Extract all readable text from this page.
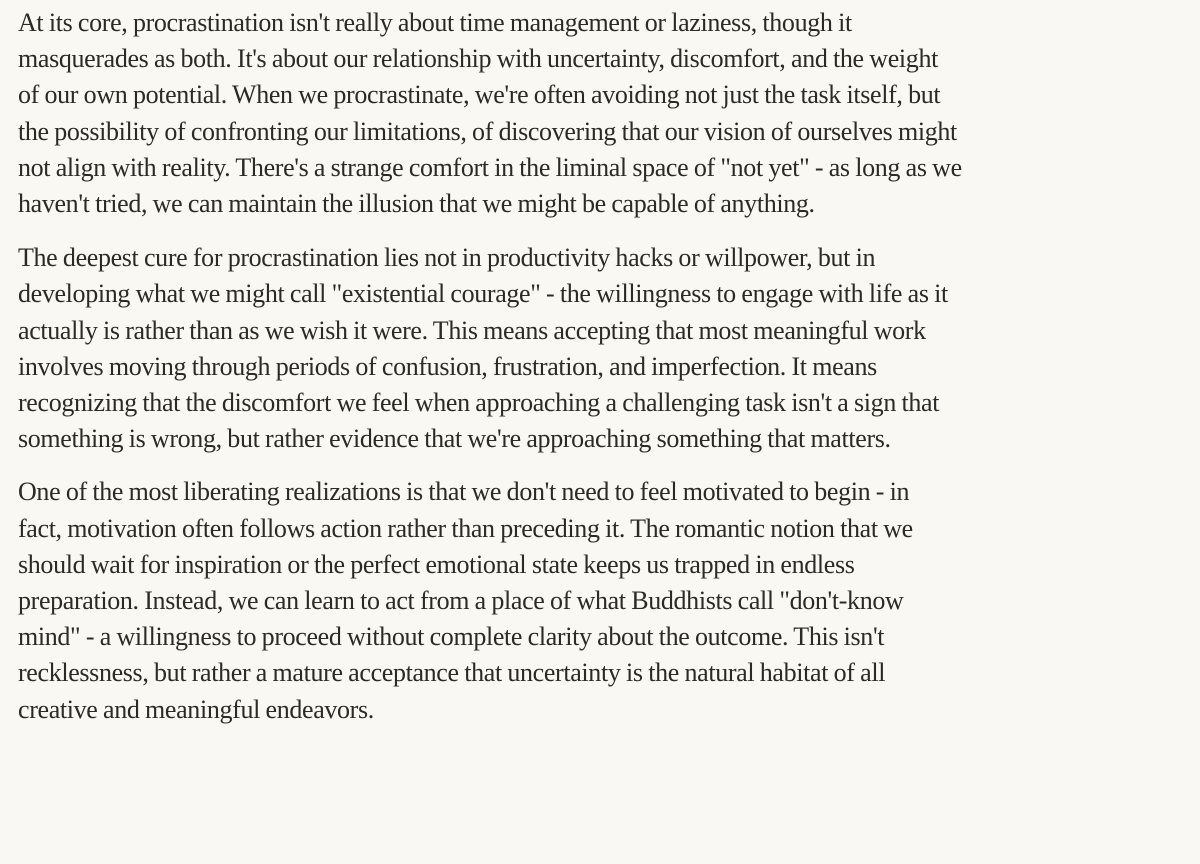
At its core, procrastination isn't really about time management or laziness, though it
masquerades as both. It's about our relationship with uncertainty, discomfort, and the weight
of our own potential. When we procrastinate, we're often avoiding not just the task itself, but
the possibility of confronting our limitations, of discovering that our vision of ourselves might
not align with reality. There's a strange comfort in the liminal space of "not yet" - as long as we
haven't tried, we can maintain the illusion that we might be capable of anything.

The deepest cure for procrastination lies not in productivity hacks or willpower, but in
developing what we might call "existential courage" - the willingness to engage with life as it
actually is rather than as we wish it were. This means accepting that most meaningful work
involves moving through periods of confusion, frustration, and imperfection. It means
recognizing that the discomfort we feel when approaching a challenging task isn't a sign that
something is wrong, but rather evidence that we're approaching something that matters.

One of the most liberating realizations is that we don't need to feel motivated to begin - in
fact, motivation often follows action rather than preceding it. The romantic notion that we
should wait for inspiration or the perfect emotional state keeps us trapped in endless
preparation. Instead, we can learn to act from a place of what Buddhists call "don't-know
mind" - a willingness to proceed without complete clarity about the outcome. This isn't
recklessness, but rather a mature acceptance that uncertainty is the natural habitat of all
creative and meaningful endeavors.
